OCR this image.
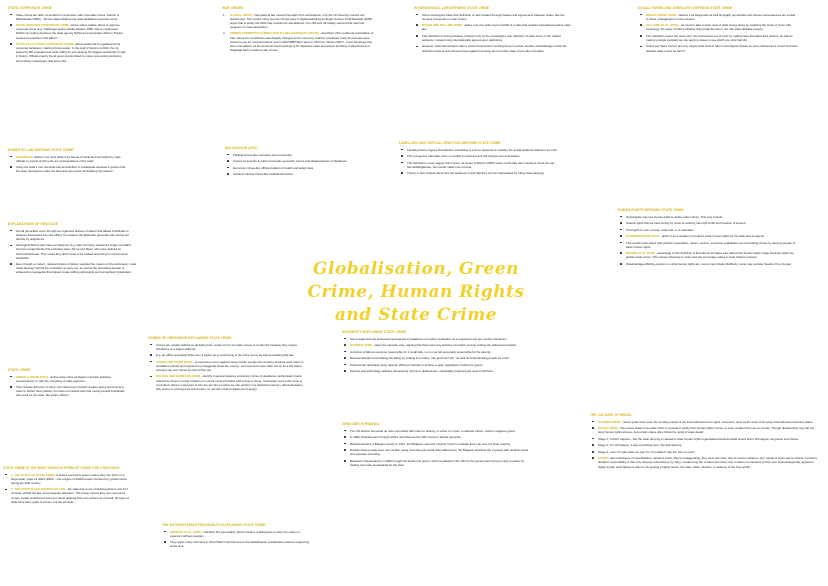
Globalisation, Green Crime, Human Rights and State Crime
STATE-CORPORATE CRIME
State crimes are often committed in conjunction with corporate crimes. Kramer & Michalowski (1990) - 'there's state-initiated and state-facilitated corporate crime':
STATE-INITIATED CORPORATE CRIME -where states initiate, direct or approve corporate crime. E.g. challenger space shuttle disaster 1986, where employees/ NASA cut-costing decisions the state agency NASA and corporation Morton Thiokol caused an explosion that killed 7.
STATE-FACILITATED CORPORATE CRIME -where states fail to regulate/control corporate behaviour, making crimes easier. In the Gulf of Mexico in 2010, the rig leased by BP exploded and sank, killing 11 and causing the biggest accidental oil spill in history. Official enquiry found governments failed to notice cost-cutting decisions and industry inadequacy that led to this.
DOMESTIC LAW DEFINING STATE CRIME
CHAMBLISS defines it as 'acts defined by law as criminal and committed by state officials in pursuit of their jobs as representatives of the state'.
Using the state's own domestic law as definition in inadequate because it ignores that the state themselves make the laws and can avoid criminalising themselves.
EXPLANATIONS OF GENOCIDE
Not all genocides occur through an organised division of labour that allows individuals to distance themselves from the killing, for instance the Rwandan genocide was carried out directly by neighbours.
Ideological factors also have an influence. E.g. Nazi Germany stressed a single monolithic German social identity that excluded Jews, Roma and Slavs, who were defined as inferior/subhuman. This meant they didn't need to be treated according to normal moral standards.
Even though a modern, rational division of labour supplied the means for the Holocaust, it was racial ideology behind the motivation to carry out, as well as the preceding decade of antisemitic propaganda that helped create willing participants and sympathetic bystanders.
STATE CRIME
GREEN & WARD (2012) - define state crime as illegal or deviant activities perpetrated by or with the complicity of state agencies.
This includes all forms of crime committed by/on behalf of states and governments in order to further their policies, but does not include acts that merely benefit individuals who work for the state, like police officers.
STATE CRIME IS THE MOST SERIOUS FORM OF CRIME FOR 2 REASONS:
1. THE SCALE OF STATE CRIME is state's enormous power means they can harm on a huge scale. Green & Ward (2012) - cite a figure of 262M people murdered by governments during the 20th century.
2. THE STATE IS THE SOURCE OF LAW - the state has a role of defining what is and isn't criminal, uphold the law, and prosecute offenders. This power means they can conceal its crimes, evade punishment and even avoid defining their own actions as criminal. All types of state have been guilty of crimes, but the principle
WAR CRIMES
1. ILLEGAL WARS - international law means that apart from self-defence, only the UN Security Council can declare war. This means many see the US-led wars in Afghanistan/Iraq as illegal. Kramer & Michalowski (2005) - argue that to justify the 2003 Iraq invasion as self-defence, the USA and UK falsely claimed that Iraqi had weapons of mass destruction.
2. CRIMES COMMITTED DURING WAR BY BELLIGERENTS (STATE) - describes US's neoliberal colonisation of Iraq, where the constitution was illegally changed so the economy could be privatised. Iraqi oil revenues were seized to pay for 'reconstructions' and in 2004 $8B billion went to US firms. Whyte (2007) - terror bombings has been normalised, as the American fire-bombings of 67 Japanese cities and atomic bombing of Hiroshima and Nagasaki had no trials for war crimes.
MCLAUGHLIN (2001)
Political crimes-like corruption and censorship.
Crimes by security & police forces-like genocide, torture and disappearance of dissidents.
Economic crimes-like official violation of health and safety laws
Social & cultural crimes-like institutional racism.
CRIMES OF OBEDIENCE-EXPLAINING STATE CRIME
Crimes are usually defined as deviating from social norms, but state crimes of conformity because they require obedience to a higher authority.
E.g. an officer accepting bribe from a higher up is conforming to his unit's norms as well as breaking the law.
COHEN AND WARD (2012) - to overcome norms against using cruelty, people who became torturers were often re-socialised, trained and exposed to propaganda about the 'enemy', and such acts were often set up as a 9-5 where torturers can see crimes as part of their job.
KELMAN AND HAMILTON (1989) - identify 3 general features producing crimes of obedience: authorisation (acts ordered by those in power replace our normal moral principles with a duty to obey), routinisation (once the crime is committed, there's a pressure to turn the act into a routine we can perform in a detached manner), dehumanisation (the enemy is portrayed as sub-human, so normal moral principles don't apply).
THE AUTHORITARIAN PERSONALITY-EXPLAINING STATE CRIME
ADORNO ET AL (1950) - identifies this personality, which includes a willingness to obey the orders of superiors without question.
They argue many Germans in World War II had this due to the disciplinarian socialisation patterns happening at the time.
INTERNATIONAL LAW-DEFINING STATE CRIME
Some sociologists base their definition on law created through treaties and agreements between states, like the Geneva Convention on war crimes.
ROTHE AND MULLINS (2008) - define it as any action by/on behalf of a state that violates international and/or state law.
This definition is strong because it doesn't rely on the sociologist's own definition of state crime or the relative audience; instead using internationally agreed-upon definitions.
However, international law is also a social construction involving those in power. Another disadvantage is that this definition looks at war crimes/crimes against humanity and not other state crimes like corruption.
LABELLING AND CRITICAL REACTION-DEFINING STATE CRIME
Labelling theory argues that whether something is a crime depends on whether the social audience defines it as such.
This recognises that state crime is socially constructed and will change over time/culture.
This definition is even vaguer than harms, as Green & Ward's (2005) study of anti-Iraq war protesters found the war harmful/illegitimate, but couldn't label it as criminal.
Theory is also unclear about who the audience is and that they can be manipulated by ruling class ideology.
MODERNITY-EXPLAINING STATE CRIME
Some argue that the Holocaust represented a breakdown of modern civilisation as a regression into pre-modern barbarism.
BAUMAN (1989) - takes the opposite view, arguing that there were key features of modern society making the Holocaust possible.
A division of labour-everyone responsible for 1 small task, so no one felt personally responsible for the atrocity.
Bureaucratisation-normalising the killing by making it a routine, rule-governed 'job', as well as dehumanising people as 'units'.
Instrumental rationality-using rational, efficient methods to achieve a goal, regardless of what the goal is.
Science and technology-railways transporting victims to deathcamps, industrially produced gas used to kill them.
GENOCIDE IN RWANDA
The UN defines Genocide as 'acts committed with intent to destroy, in whole or in part, a national, ethnic, racial or religious group'.
In 1994, Rwanda went through what's described as the 20th century's fastest genocide.
Rwanda became a Belgian country in 1912, and Belgians used the minority Tutsis to mediate their rule over the Hutu majority.
Despite these people were very similar, being more like just social class differences, the Belgians ethicised the 2 groups with racial ID cards and separate schooling.
Rwanda's independence in 1962 brought the Hutus into power, which escalated in the '90s by the government trying to cling to power by fuelling race hate propaganda by the Hutu.
SOCIAL HARMS AND ZEMIOLOGY-DEFINING STATE CRIME
MICHALOWSKI (1985) - defines it as illegal acts as well as legally permissible acts whose consequences are similar to those of illegal acts in harm caused.
HILLYARD ET AL (2004) - we need to take a wider view of state wrong-doing by replacing the study of crime with zemiology: the study of harms whether they break the law or not, like state-facilitate poverty.
This definition means the state can't rule themselves out of court by making laws that allow their actions, as well as making a single standard we can apply to states to see which are most harmful.
Critics say these 'harms' are very vague-what level of harm must happen before an act is defined as a crime? And who decides what counts as harm?
HUMAN RIGHTS-DEFINING STATE CRIME
Sociologists may use human rights to define state crimes. This may include:
Natural rights that we have simply by virtue of existing, like right to life and freedom of speech.
Civil rights-to vote, privacy, a fair trial, or to education.
SCHWENDINGER (1970) - define it as a violation of people's basic human rights by the state and its agents.
This would mean states that practice imperialism, racism, sexism, economic exploitation are committing crimes by denying people of basic human rights.
MOORE ET AL (2003) - advantage of this definition is that almost all states care about their human rights image because rights are global social norms. This causes 'shaming' to enter and can encourage states to treat citizens properly.
Disadvantage-differing opinions on what human rights are, some may include life/liberty, some may exclude freedom from hunger.
THE CULTURE OF DENIAL
ALVAREZ (2008) - recent years have seen the growing impact of the international human rights movement, such as the work of Amnesty International pressuring states.
COHEN (2006) - this means states now make effort to conceal or justify their human rights crimes, or even re-label them as not crimes. Though dictatorships may flat out deny human rights abuses, democratic states often follow the spiral of state denial:
Stage 1: 'It didn't happen' - like the state denying a massacre while human rights organisations/victims/media shows that it did happen via graves and photos.
Stage 2: 'If it did happen, it was something else', like self-defence.
Stage 3: 'even if it was what you say it is, it's justified', like the 'war on terror'.
COHEN -also techniques of neutralisation: denial of victim (they're exaggerating, they were terrorists, they're used to violence, etc), denial of injury (we're victims, not them), denial of responsibility (I was only obeying orders/doing my duty), condemning the condemners (they only condemn us because of their own interests/agenda), appeal to higher loyalty (self-righteous claim to be serving a higher cause: the state, Islam, Zionism, or defence of the 'free world').
